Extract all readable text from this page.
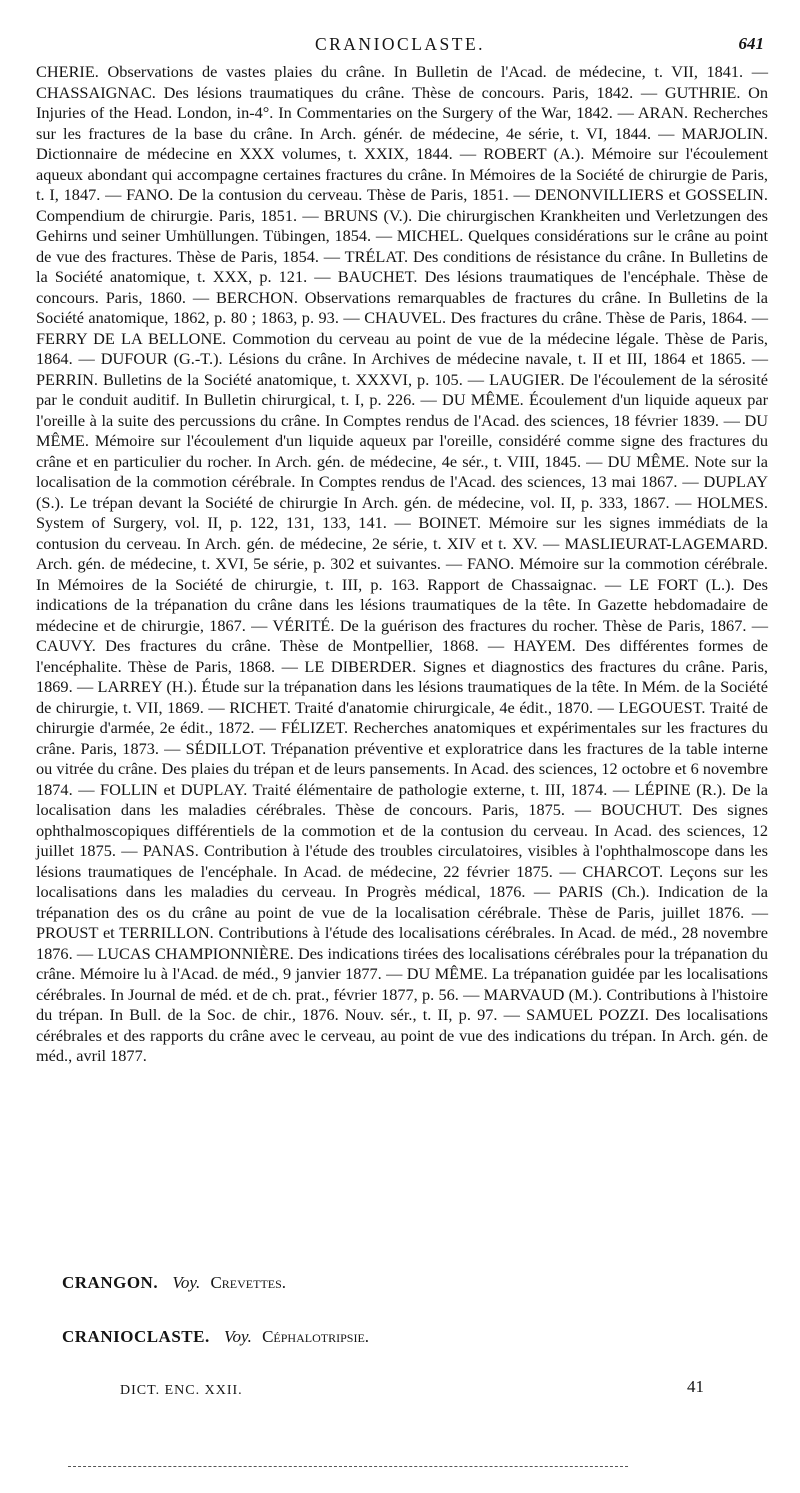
CRANIOCLASTE.	641

CHERIE. Observations de vastes plaies du crâne. In Bulletin de l'Acad. de médecine, t. VII, 1841. — CHASSAIGNAC. Des lésions traumatiques du crâne. Thèse de concours. Paris, 1842. — GUTHRIE. On Injuries of the Head. London, in-4°. In Commentaries on the Surgery of the War, 1842. — ARAN. Recherches sur les fractures de la base du crâne. In Arch. génér. de médecine, 4e série, t. VI, 1844. — MARJOLIN. Dictionnaire de médecine en XXX volumes, t. XXIX, 1844. — ROBERT (A.). Mémoire sur l'écoulement aqueux abondant qui accompagne certaines fractures du crâne. In Mémoires de la Société de chirurgie de Paris, t. I, 1847. — FANO. De la contusion du cerveau. Thèse de Paris, 1851. — DENONVILLIERS et GOSSELIN. Compendium de chirurgie. Paris, 1851. — BRUNS (V.). Die chirurgischen Krankheiten und Verletzungen des Gehirns und seiner Umhüllungen. Tübingen, 1854. — MICHEL. Quelques considérations sur le crâne au point de vue des fractures. Thèse de Paris, 1854. — TRÉLAT. Des conditions de résistance du crâne. In Bulletins de la Société anatomique, t. XXX, p. 121. — BAUCHET. Des lésions traumatiques de l'encéphale. Thèse de concours. Paris, 1860. — BERCHON. Observations remarquables de fractures du crâne. In Bulletins de la Société anatomique, 1862, p. 80 ; 1863, p. 93. — CHAUVEL. Des fractures du crâne. Thèse de Paris, 1864. — FERRY DE LA BELLONE. Commotion du cerveau au point de vue de la médecine légale. Thèse de Paris, 1864. — DUFOUR (G.-T.). Lésions du crâne. In Archives de médecine navale, t. II et III, 1864 et 1865. — PERRIN. Bulletins de la Société anatomique, t. XXXVI, p. 105. — LAUGIER. De l'écoulement de la sérosité par le conduit auditif. In Bulletin chirurgical, t. I, p. 226. — DU MÊME. Écoulement d'un liquide aqueux par l'oreille à la suite des percussions du crâne. In Comptes rendus de l'Acad. des sciences, 18 février 1839. — DU MÊME. Mémoire sur l'écoulement d'un liquide aqueux par l'oreille, considéré comme signe des fractures du crâne et en particulier du rocher. In Arch. gén. de médecine, 4e sér., t. VIII, 1845. — DU MÊME. Note sur la localisation de la commotion cérébrale. In Comptes rendus de l'Acad. des sciences, 13 mai 1867. — DUPLAY (S.). Le trépan devant la Société de chirurgie In Arch. gén. de médecine, vol. II, p. 333, 1867. — HOLMES. System of Surgery, vol. II, p. 122, 131, 133, 141. — BOINET. Mémoire sur les signes immédiats de la contusion du cerveau. In Arch. gén. de médecine, 2e série, t. XIV et t. XV. — MASLIEURAT-LAGEMARD. Arch. gén. de médecine, t. XVI, 5e série, p. 302 et suivantes. — FANO. Mémoire sur la commotion cérébrale. In Mémoires de la Société de chirurgie, t. III, p. 163. Rapport de Chassaignac. — LE FORT (L.). Des indications de la trépanation du crâne dans les lésions traumatiques de la tête. In Gazette hebdomadaire de médecine et de chirurgie, 1867. — VÉRITÉ. De la guérison des fractures du rocher. Thèse de Paris, 1867. — CAUVY. Des fractures du crâne. Thèse de Montpellier, 1868. — HAYEM. Des différentes formes de l'encéphalite. Thèse de Paris, 1868. — LE DIBERDER. Signes et diagnostics des fractures du crâne. Paris, 1869. — LARREY (H.). Étude sur la trépanation dans les lésions traumatiques de la tête. In Mém. de la Société de chirurgie, t. VII, 1869. — RICHET. Traité d'anatomie chirurgicale, 4e édit., 1870. — LEGOUEST. Traité de chirurgie d'armée, 2e édit., 1872. — FÉLIZET. Recherches anatomiques et expérimentales sur les fractures du crâne. Paris, 1873. — SÉDILLOT. Trépanation préventive et exploratrice dans les fractures de la table interne ou vitrée du crâne. Des plaies du trépan et de leurs pansements. In Acad. des sciences, 12 octobre et 6 novembre 1874. — FOLLIN et DUPLAY. Traité élémentaire de pathologie externe, t. III, 1874. — LÉPINE (R.). De la localisation dans les maladies cérébrales. Thèse de concours. Paris, 1875. — BOUCHUT. Des signes ophthalmoscopiques différentiels de la commotion et de la contusion du cerveau. In Acad. des sciences, 12 juillet 1875. — PANAS. Contribution à l'étude des troubles circulatoires, visibles à l'ophthalmoscope dans les lésions traumatiques de l'encéphale. In Acad. de médecine, 22 février 1875. — CHARCOT. Leçons sur les localisations dans les maladies du cerveau. In Progrès médical, 1876. — PARIS (Ch.). Indication de la trépanation des os du crâne au point de vue de la localisation cérébrale. Thèse de Paris, juillet 1876. — PROUST et TERRILLON. Contributions à l'étude des localisations cérébrales. In Acad. de méd., 28 novembre 1876. — LUCAS CHAMPIONNIÈRE. Des indications tirées des localisations cérébrales pour la trépanation du crâne. Mémoire lu à l'Acad. de méd., 9 janvier 1877. — DU MÊME. La trépanation guidée par les localisations cérébrales. In Journal de méd. et de ch. prat., février 1877, p. 56. — MARVAUD (M.). Contributions à l'histoire du trépan. In Bull. de la Soc. de chir., 1876. Nouv. sér., t. II, p. 97. — SAMUEL POZZI. Des localisations cérébrales et des rapports du crâne avec le cerveau, au point de vue des indications du trépan. In Arch. gén. de méd., avril 1877.

CRANGON. Voy. Crevettes.
CRANIOCLASTE. Voy. Céphalotripsie.
DICT. ENC. XXII.	41
